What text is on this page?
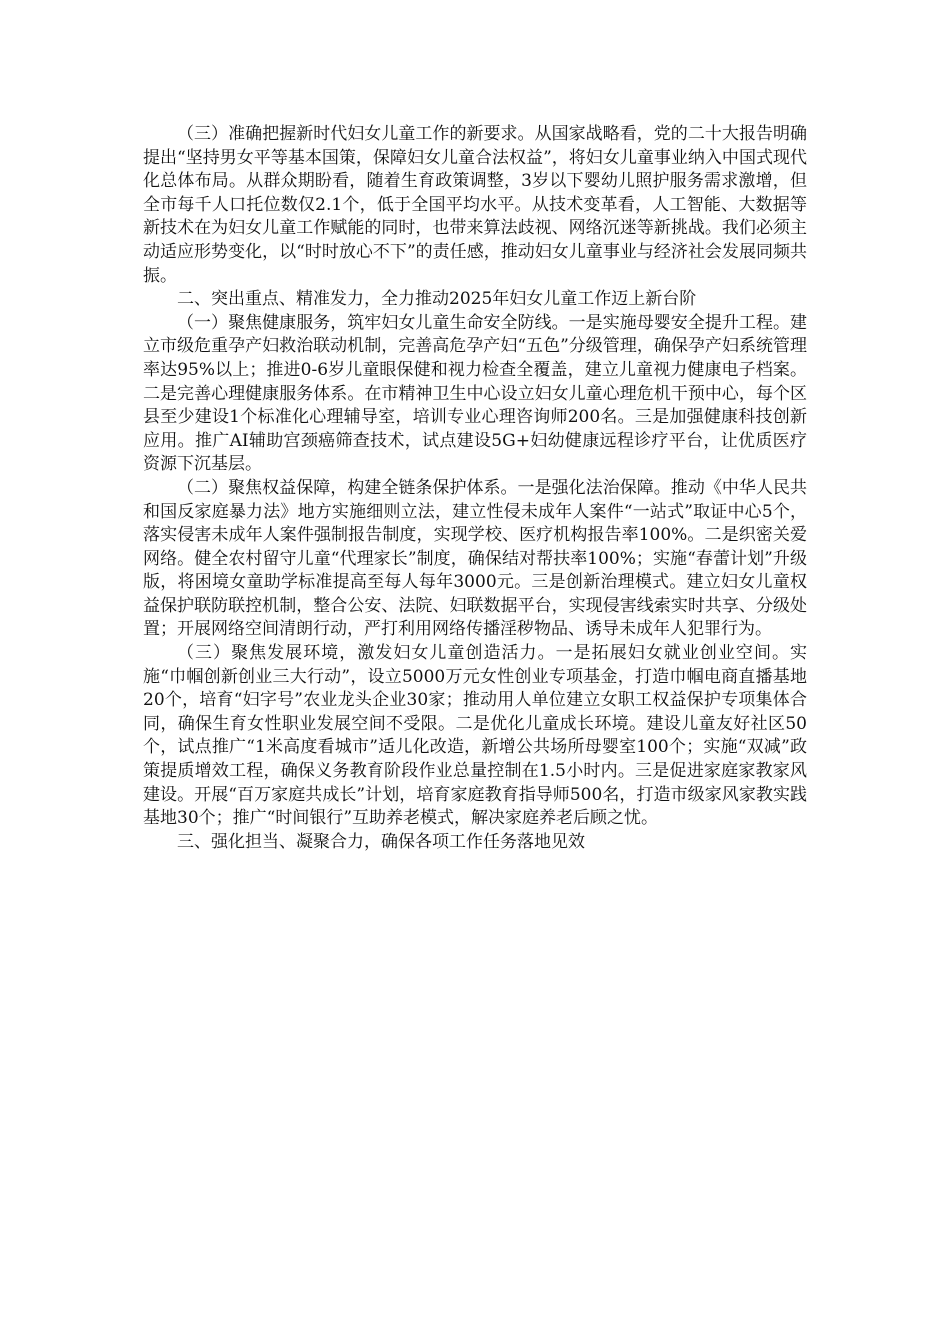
（三）准确把握新时代妇女儿童工作的新要求。从国家战略看，党的二十大报告明确提出“坚持男女平等基本国策，保障妇女儿童合法权益”，将妇女儿童事业纳入中国式现代化总体布局。从群众期盼看，随着生育政策调整，3岁以下婴幼儿照护服务需求激增，但全市每千人口托位数仅2.1个，低于全国平均水平。从技术变革看，人工智能、大数据等新技术在为妇女儿童工作赋能的同时，也带来算法歧视、网络沉迷等新挑战。我们必须主动适应形势变化，以“时时放心不下”的责任感，推动妇女儿童事业与经济社会发展同频共振。

二、突出重点、精准发力，全力推动2025年妇女儿童工作迈上新台阶

（一）聚焦健康服务，筑牢妇女儿童生命安全防线。一是实施母婴安全提升工程。建立市级危重孕产妇救治联动机制，完善高危孕产妇“五色”分级管理，确保孕产妇系统管理率达95%以上；推进0-6岁儿童眼保健和视力检查全覆盖，建立儿童视力健康电子档案。二是完善心理健康服务体系。在市精神卫生中心设立妇女儿童心理危机干预中心，每个区县至少建设1个标准化心理辅导室，培训专业心理咨询师200名。三是加强健康科技创新应用。推广AI辅助宫颈癌筛查技术，试点建设5G+妇幼健康远程诊疗平台，让优质医疗资源下沉基层。

（二）聚焦权益保障，构建全链条保护体系。一是强化法治保障。推动《中华人民共和国反家庭暴力法》地方实施细则立法，建立性侵未成年人案件“一站式”取证中心5个，落实侵害未成年人案件强制报告制度，实现学校、医疗机构报告率100%。二是织密关爱网络。健全农村留守儿童“代理家长”制度，确保结对帮扶率100%；实施“春蕾计划”升级版，将困境女童助学标准提高至每人每年3000元。三是创新治理模式。建立妇女儿童权益保护联防联控机制，整合公安、法院、妇联数据平台，实现侵害线索实时共享、分级处置；开展网络空间清朗行动，严打利用网络传播淫秽物品、诱导未成年人犯罪行为。

（三）聚焦发展环境，激发妇女儿童创造活力。一是拓展妇女就业创业空间。实施“巾帼创新创业三大行动”，设立5000万元女性创业专项基金，打造巾帼电商直播基地20个，培育“妇字号”农业龙头企业30家；推动用人单位建立女职工权益保护专项集体合同，确保生育女性职业发展空间不受限。二是优化儿童成长环境。建设儿童友好社区50个，试点推广“1米高度看城市”适儿化改造，新增公共场所母婴室100个；实施“双减”政策提质增效工程，确保义务教育阶段作业总量控制在1.5小时内。三是促进家庭家教家风建设。开展“百万家庭共成长”计划，培育家庭教育指导师500名，打造市级家风家教实践基地30个；推广“时间银行”互助养老模式，解决家庭养老后顾之忧。

三、强化担当、凝聚合力，确保各项工作任务落地见效
